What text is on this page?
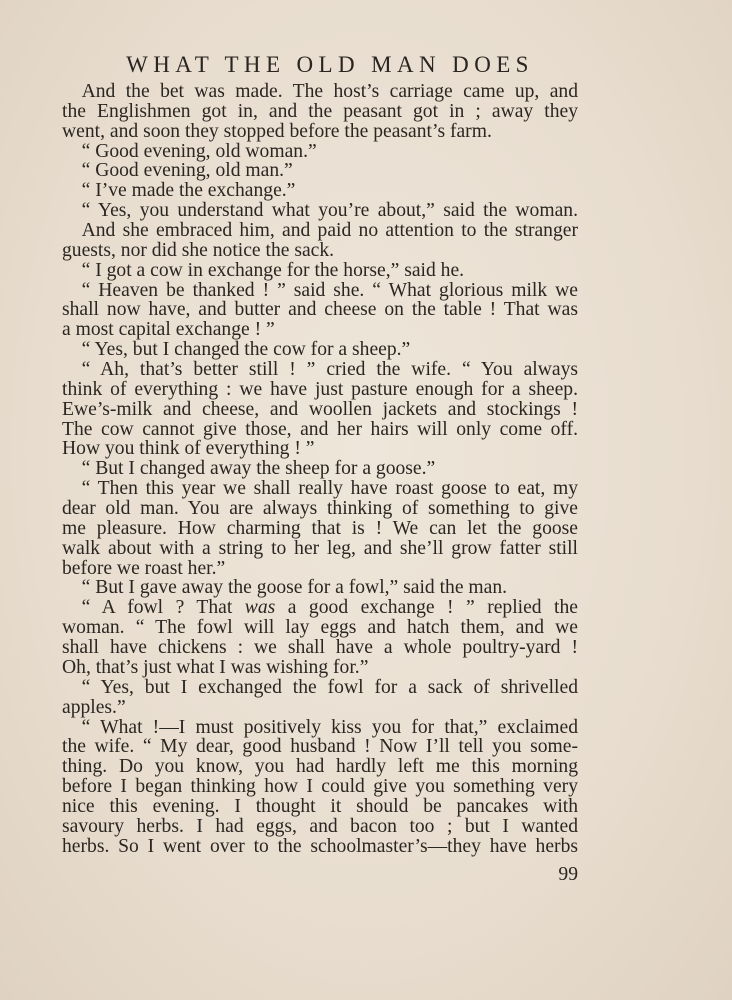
WHAT THE OLD MAN DOES
 And the bet was made. The host’s carriage came up, and
the Englishmen got in, and the peasant got in ; away they
went, and soon they stopped before the peasant’s farm.
 “ Good evening, old woman.”
 “ Good evening, old man.”
 “ I’ve made the exchange.”
 “ Yes, you understand what you’re about,” said the woman.
 And she embraced him, and paid no attention to the stranger
guests, nor did she notice the sack.
 “ I got a cow in exchange for the horse,” said he.
 “ Heaven be thanked ! ” said she. “ What glorious milk we
shall now have, and butter and cheese on the table ! That was
a most capital exchange ! ”
 “ Yes, but I changed the cow for a sheep.”
 “ Ah, that’s better still ! ” cried the wife. “ You always
think of everything : we have just pasture enough for a sheep.
Ewe’s-milk and cheese, and woollen jackets and stockings !
The cow cannot give those, and her hairs will only come off.
How you think of everything ! ”
 “ But I changed away the sheep for a goose.”
 “ Then this year we shall really have roast goose to eat, my
dear old man. You are always thinking of something to give
me pleasure. How charming that is ! We can let the goose
walk about with a string to her leg, and she’ll grow fatter still
before we roast her.”
 “ But I gave away the goose for a fowl,” said the man.
 “ A fowl ? That was a good exchange ! ” replied the
woman. “ The fowl will lay eggs and hatch them, and we
shall have chickens : we shall have a whole poultry-yard !
Oh, that’s just what I was wishing for.”
 “ Yes, but I exchanged the fowl for a sack of shrivelled
apples.”
 “ What !—I must positively kiss you for that,” exclaimed
the wife. “ My dear, good husband ! Now I’ll tell you some-
thing. Do you know, you had hardly left me this morning
before I began thinking how I could give you something very
nice this evening. I thought it should be pancakes with
savoury herbs. I had eggs, and bacon too ; but I wanted
herbs. So I went over to the schoolmaster’s—they have herbs
99
